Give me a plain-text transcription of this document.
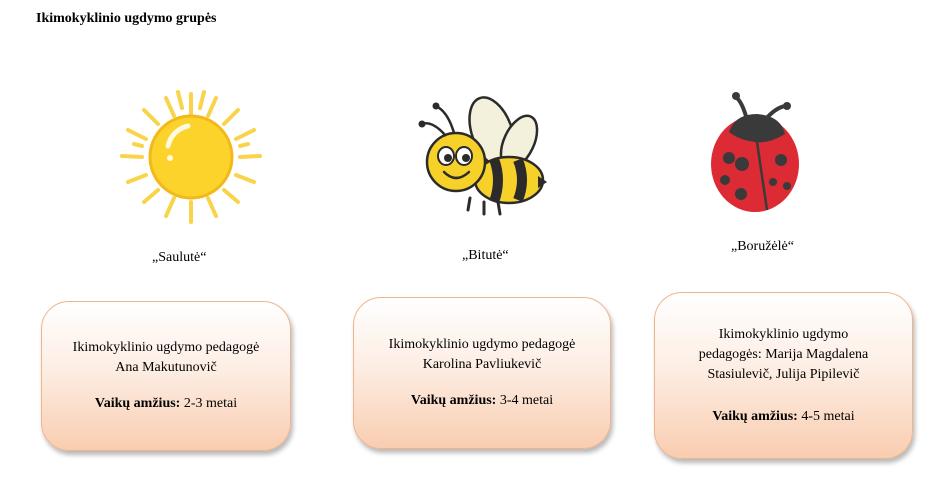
Ikimokyklinio ugdymo grupės
„Saulutė“
Ikimokyklinio ugdymo pedagogė
Ana Makutunovič
Vaikų amžius: 2-3 metai
„Bitutė“
Ikimokyklinio ugdymo pedagogė
Karolina Pavliukevič
Vaikų amžius: 3-4 metai
„Boružėlė“
Ikimokyklinio ugdymo
pedagogės: Marija Magdalena
Stasiulevič, Julija Pipilevič
Vaikų amžius: 4-5 metai
